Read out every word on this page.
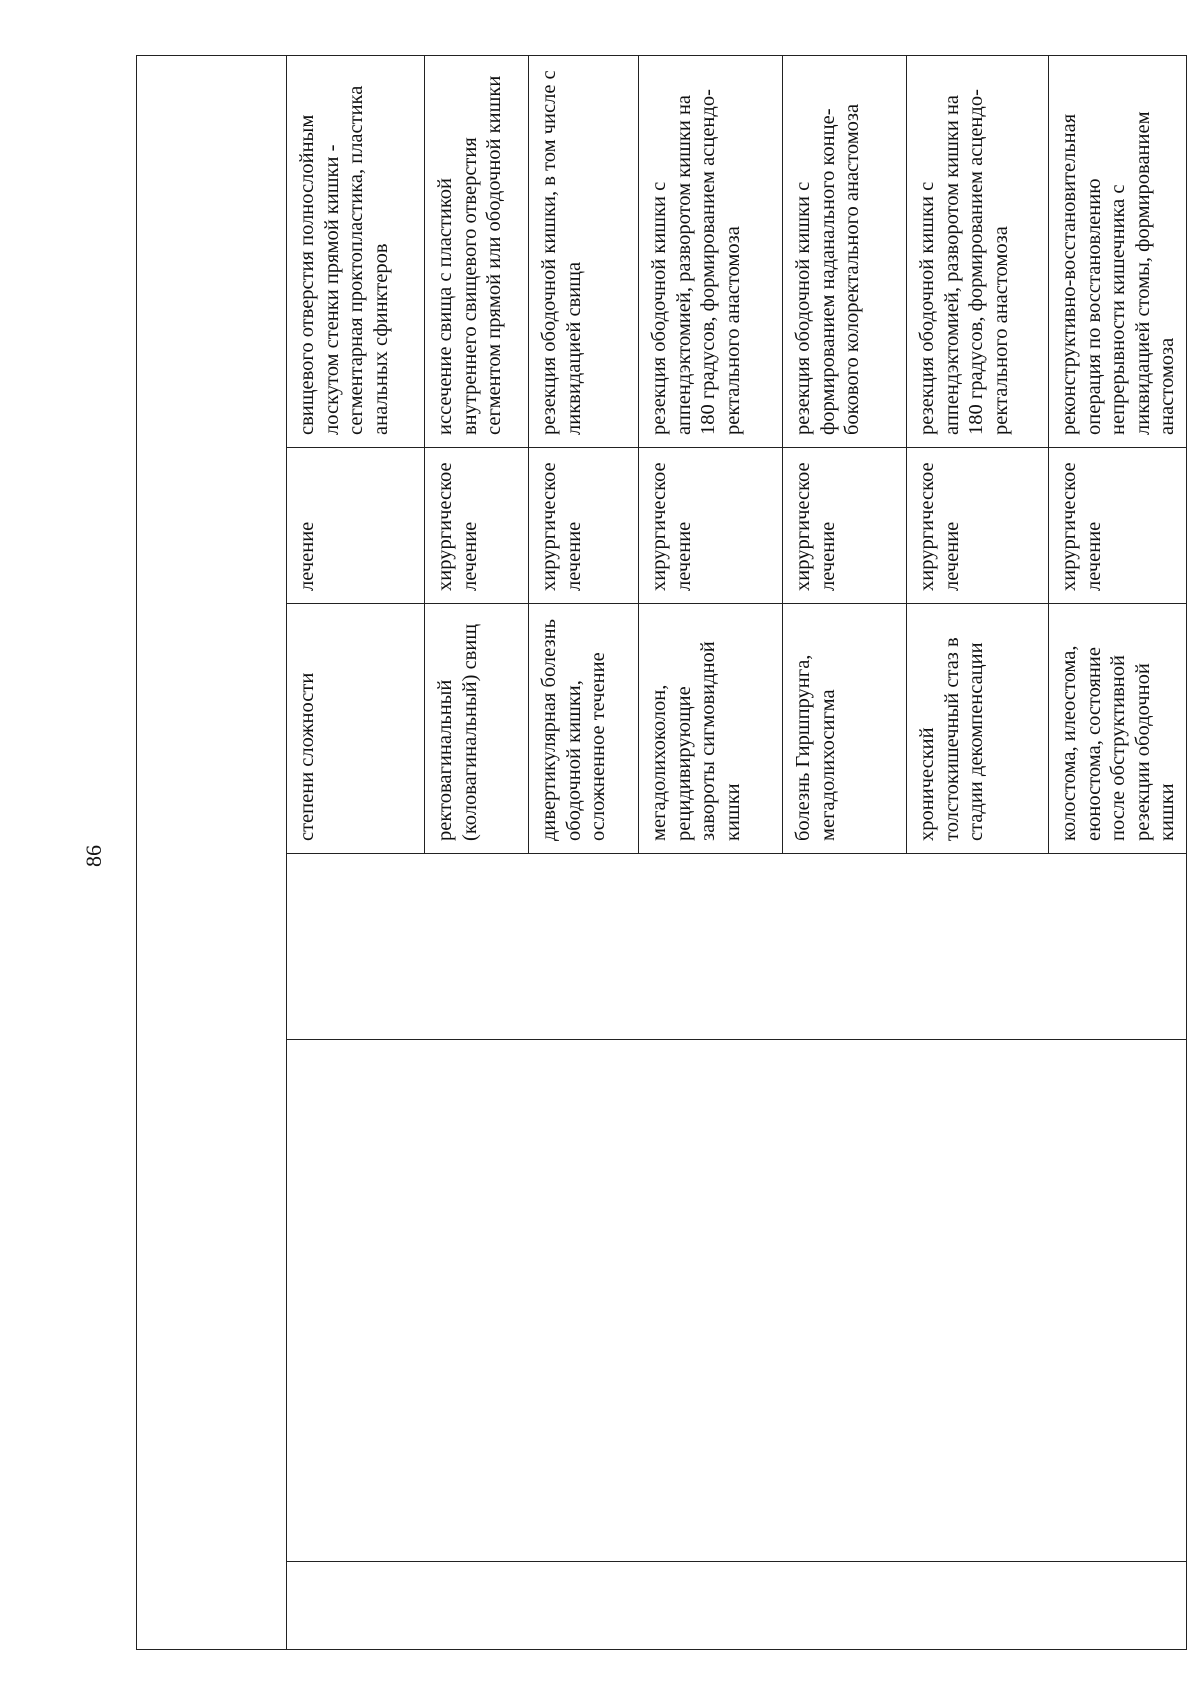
86

			степени сложности	лечение	свищевого отверстия полнослойным лоскутом стенки прямой кишки - сегментарная проктопластика, пластика анальных сфинктеров
			ректовагинальный (коловагинальный) свищ	хирургическое лечение	иссечение свища с пластикой внутреннего свищевого отверстия сегментом прямой или ободочной кишки
			дивертикулярная болезнь ободочной кишки, осложненное течение	хирургическое лечение	резекция ободочной кишки, в том числе с ликвидацией свища
			мегадолихоколон, рецидивирующие завороты сигмовидной кишки	хирургическое лечение	резекция ободочной кишки с аппендэктомией, разворотом кишки на 180 градусов, формированием асцендо-ректального анастомоза
			болезнь Гиршпрунга, мегадолихосигма	хирургическое лечение	резекция ободочной кишки с формированием наданального конце-бокового колоректального анастомоза
			хронический толстокишечный стаз в стадии декомпенсации	хирургическое лечение	резекция ободочной кишки с аппендэктомией, разворотом кишки на 180 градусов, формированием асцендо-ректального анастомоза
			колостома, илеостома, еюностома, состояние после обструктивной резекции ободочной кишки	хирургическое лечение	реконструктивно-восстановительная операция по восстановлению непрерывности кишечника с ликвидацией стомы, формированием анастомоза
